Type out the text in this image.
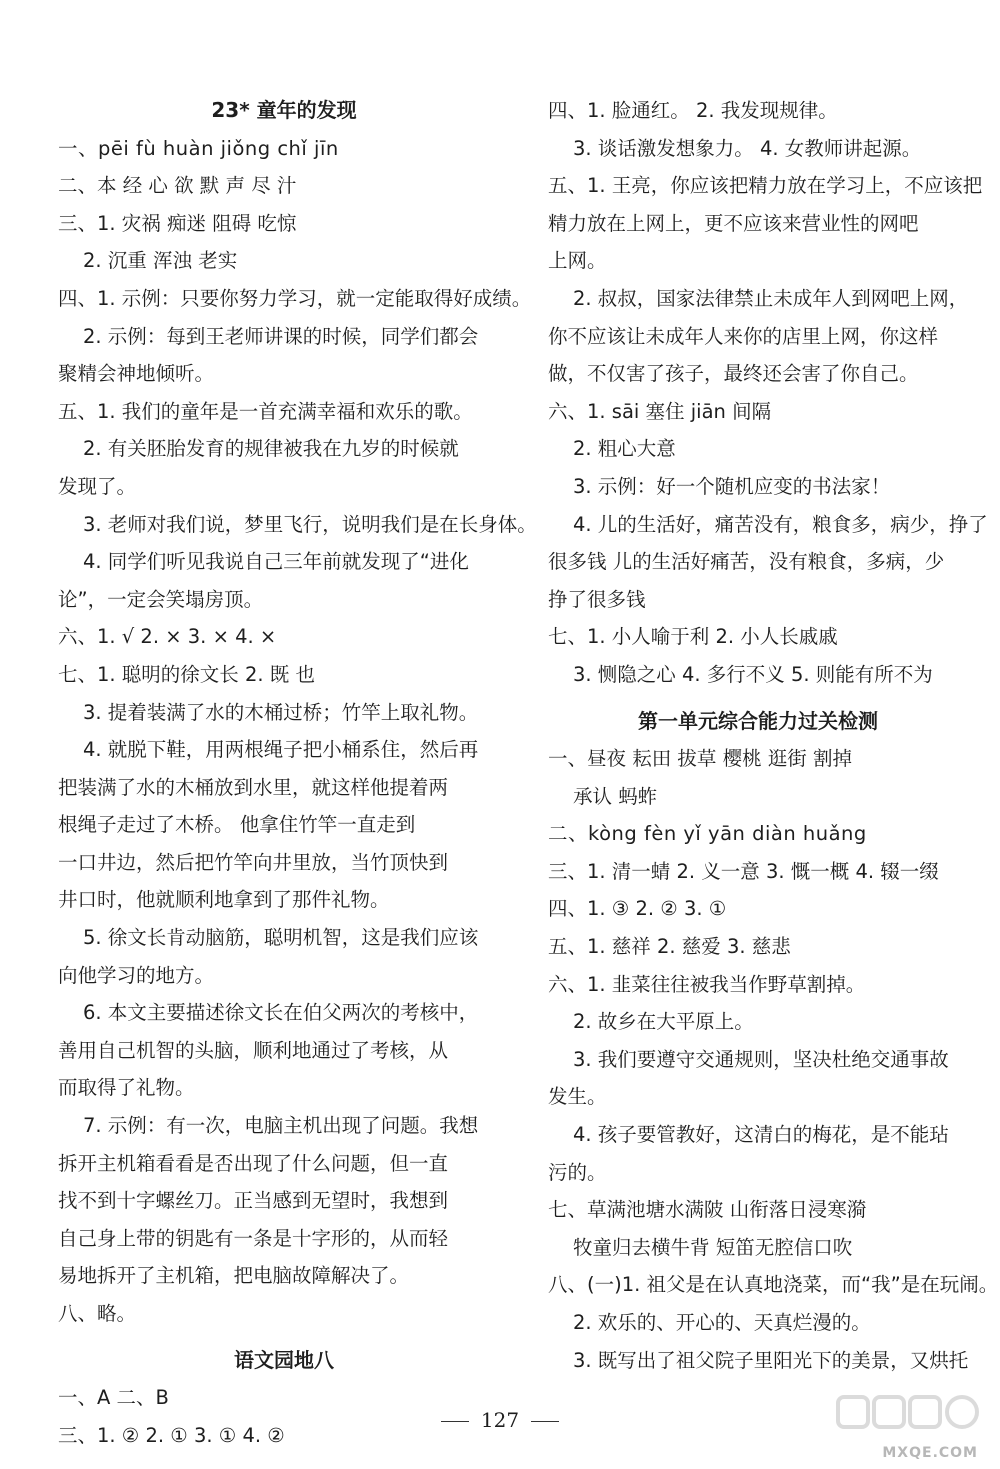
23* 童年的发现
一、pēi fù huàn jiǒng chǐ jīn
二、本 经 心 欲 默 声 尽 汁
三、1. 灾祸 痴迷 阻碍 吃惊
2. 沉重 浑浊 老实
四、1. 示例：只要你努力学习，就一定能取得好成绩。
2. 示例：每到王老师讲课的时候，同学们都会
聚精会神地倾听。
五、1. 我们的童年是一首充满幸福和欢乐的歌。
2. 有关胚胎发育的规律被我在九岁的时候就
发现了。
3. 老师对我们说，梦里飞行，说明我们是在长身体。
4. 同学们听见我说自己三年前就发现了“进化
论”，一定会笑塌房顶。
六、1. √ 2. × 3. × 4. ×
七、1. 聪明的徐文长 2. 既 也
3. 提着装满了水的木桶过桥；竹竿上取礼物。
4. 就脱下鞋，用两根绳子把小桶系住，然后再
把装满了水的木桶放到水里，就这样他提着两
根绳子走过了木桥。 他拿住竹竿一直走到
一口井边，然后把竹竿向井里放，当竹顶快到
井口时，他就顺利地拿到了那件礼物。
5. 徐文长肯动脑筋，聪明机智，这是我们应该
向他学习的地方。
6. 本文主要描述徐文长在伯父两次的考核中，
善用自己机智的头脑，顺利地通过了考核，从
而取得了礼物。
7. 示例：有一次，电脑主机出现了问题。我想
拆开主机箱看看是否出现了什么问题，但一直
找不到十字螺丝刀。正当感到无望时，我想到
自己身上带的钥匙有一条是十字形的，从而轻
易地拆开了主机箱，把电脑故障解决了。
八、略。
语文园地八
一、A 二、B
三、1. ② 2. ① 3. ① 4. ②
四、1. 脸通红。 2. 我发现规律。
3. 谈话激发想象力。 4. 女教师讲起源。
五、1. 王亮，你应该把精力放在学习上，不应该把
精力放在上网上，更不应该来营业性的网吧
上网。
2. 叔叔，国家法律禁止未成年人到网吧上网，
你不应该让未成年人来你的店里上网，你这样
做，不仅害了孩子，最终还会害了你自己。
六、1. sāi 塞住 jiān 间隔
2. 粗心大意
3. 示例：好一个随机应变的书法家！
4. 儿的生活好，痛苦没有，粮食多，病少，挣了
很多钱 儿的生活好痛苦，没有粮食，多病，少
挣了很多钱
七、1. 小人喻于利 2. 小人长戚戚
3. 恻隐之心 4. 多行不义 5. 则能有所不为
第一单元综合能力过关检测
一、昼夜 耘田 拔草 樱桃 逛街 割掉
承认 蚂蚱
二、kòng fèn yǐ yān diàn huǎng
三、1. 清一蜻 2. 义一意 3. 慨一概 4. 辍一缀
四、1. ③ 2. ② 3. ①
五、1. 慈祥 2. 慈爱 3. 慈悲
六、1. 韭菜往往被我当作野草割掉。
2. 故乡在大平原上。
3. 我们要遵守交通规则，坚决杜绝交通事故
发生。
4. 孩子要管教好，这清白的梅花，是不能玷
污的。
七、草满池塘水满陂 山衔落日浸寒漪
牧童归去横牛背 短笛无腔信口吹
八、(一)1. 祖父是在认真地浇菜，而“我”是在玩闹。
2. 欢乐的、开心的、天真烂漫的。
3. 既写出了祖父院子里阳光下的美景，又烘托
127
MXQE.COM
